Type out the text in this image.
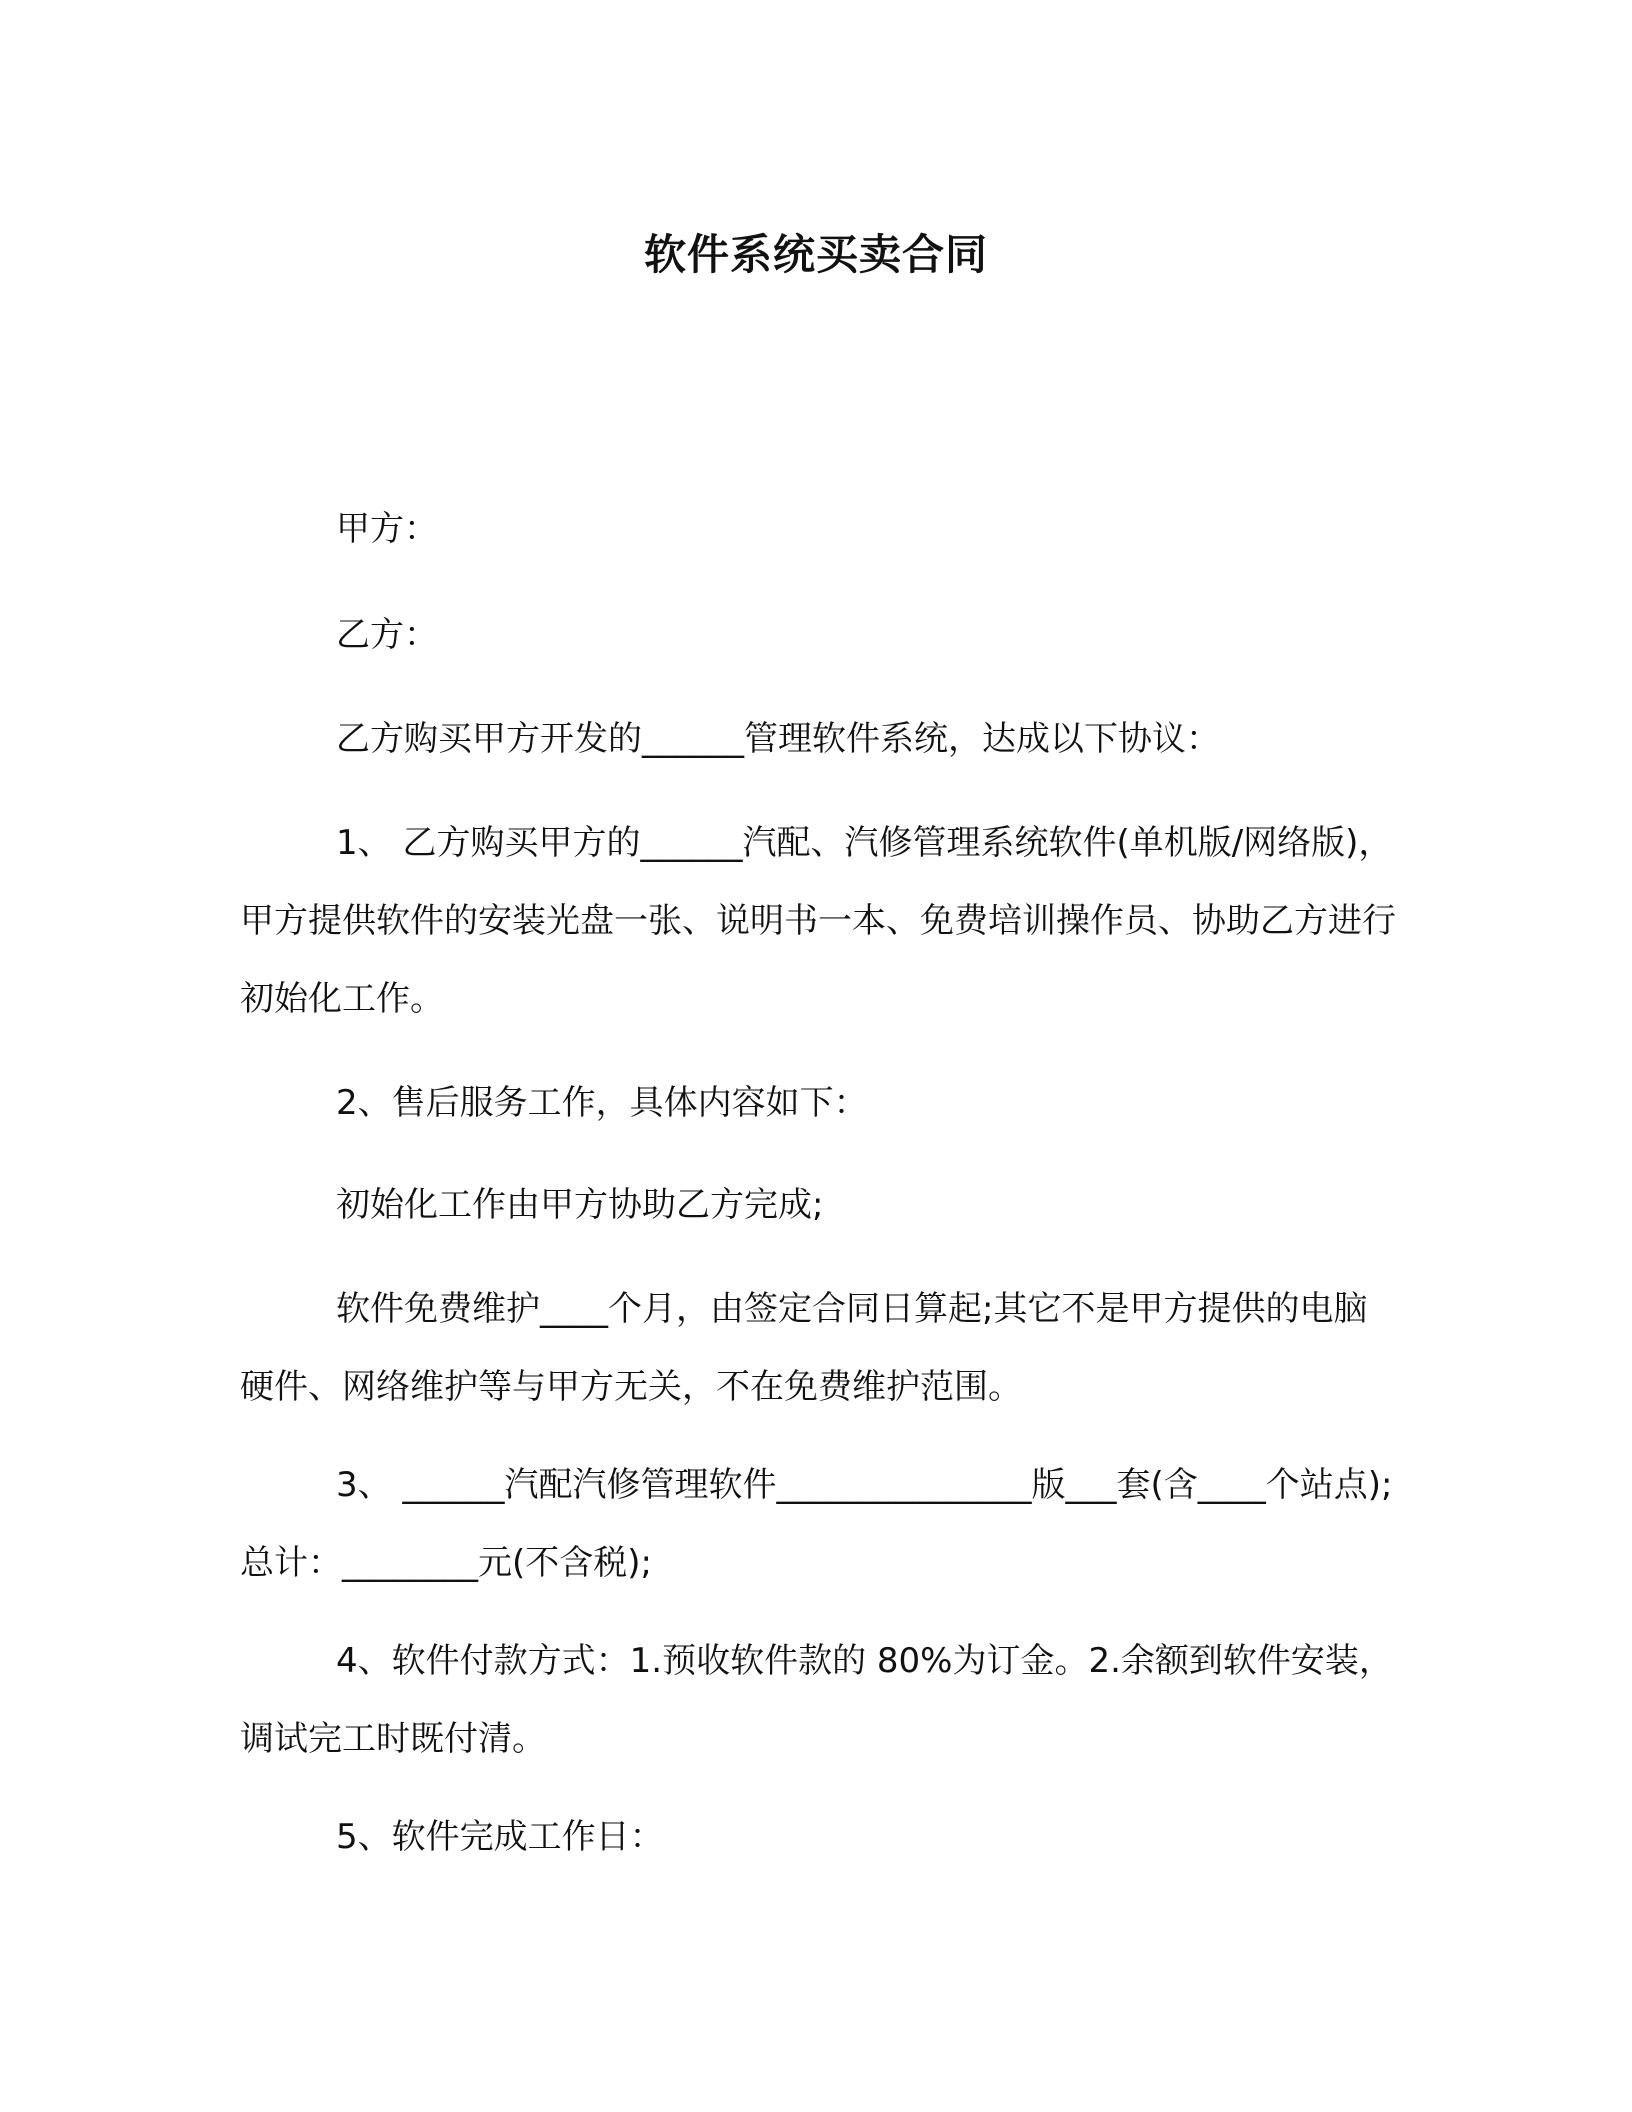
软件系统买卖合同

甲方：

乙方：

乙方购买甲方开发的______管理软件系统，达成以下协议：

1、 乙方购买甲方的______汽配、汽修管理系统软件(单机版/网络版)，甲方提供软件的安装光盘一张、说明书一本、免费培训操作员、协助乙方进行初始化工作。

2、售后服务工作，具体内容如下：

初始化工作由甲方协助乙方完成;

软件免费维护____个月，由签定合同日算起;其它不是甲方提供的电脑硬件、网络维护等与甲方无关，不在免费维护范围。

3、 ______汽配汽修管理软件_______________版___套(含____个站点); 总计：________元(不含税);

4、软件付款方式：1.预收软件款的 80%为订金。2.余额到软件安装，调试完工时既付清。

5、软件完成工作日：
